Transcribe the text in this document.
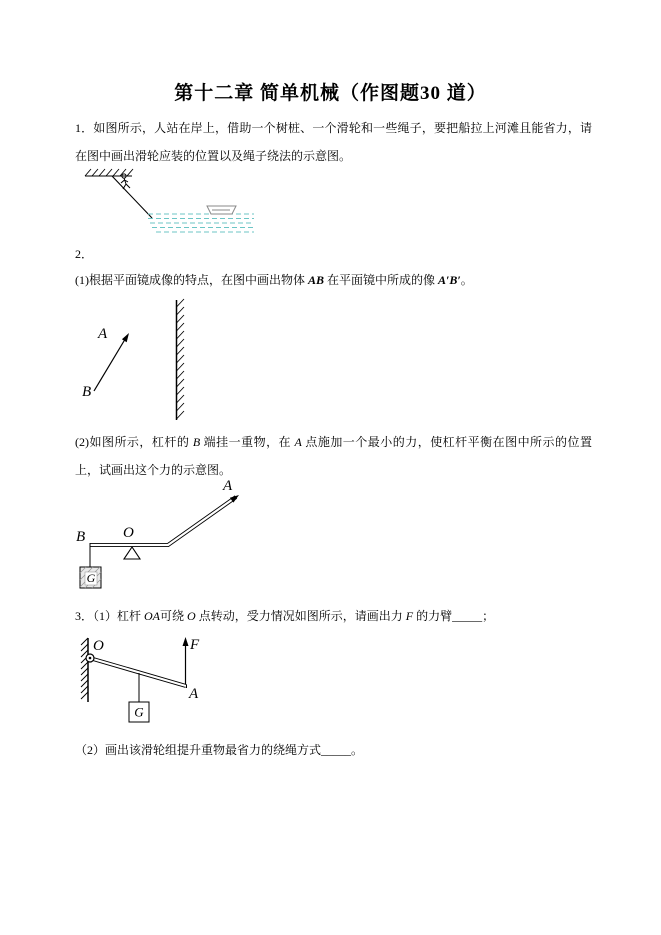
第十二章 简单机械（作图题30 道）
1．如图所示，人站在岸上，借助一个树桩、一个滑轮和一些绳子，要把船拉上河滩且能省力，请在图中画出滑轮应装的位置以及绳子绕法的示意图。
2．
(1)根据平面镜成像的特点，在图中画出物体 AB 在平面镜中所成的像 A′B′。
A
B
(2)如图所示，杠杆的 B 端挂一重物，在 A 点施加一个最小的力，使杠杆平衡在图中所示的位置上，试画出这个力的示意图。
G
A
B	O
3．（1）杠杆 OA可绕 O 点转动，受力情况如图所示，请画出力 F 的力臂_____；
G
O	F
A
（2）画出该滑轮组提升重物最省力的绕绳方式_____。
